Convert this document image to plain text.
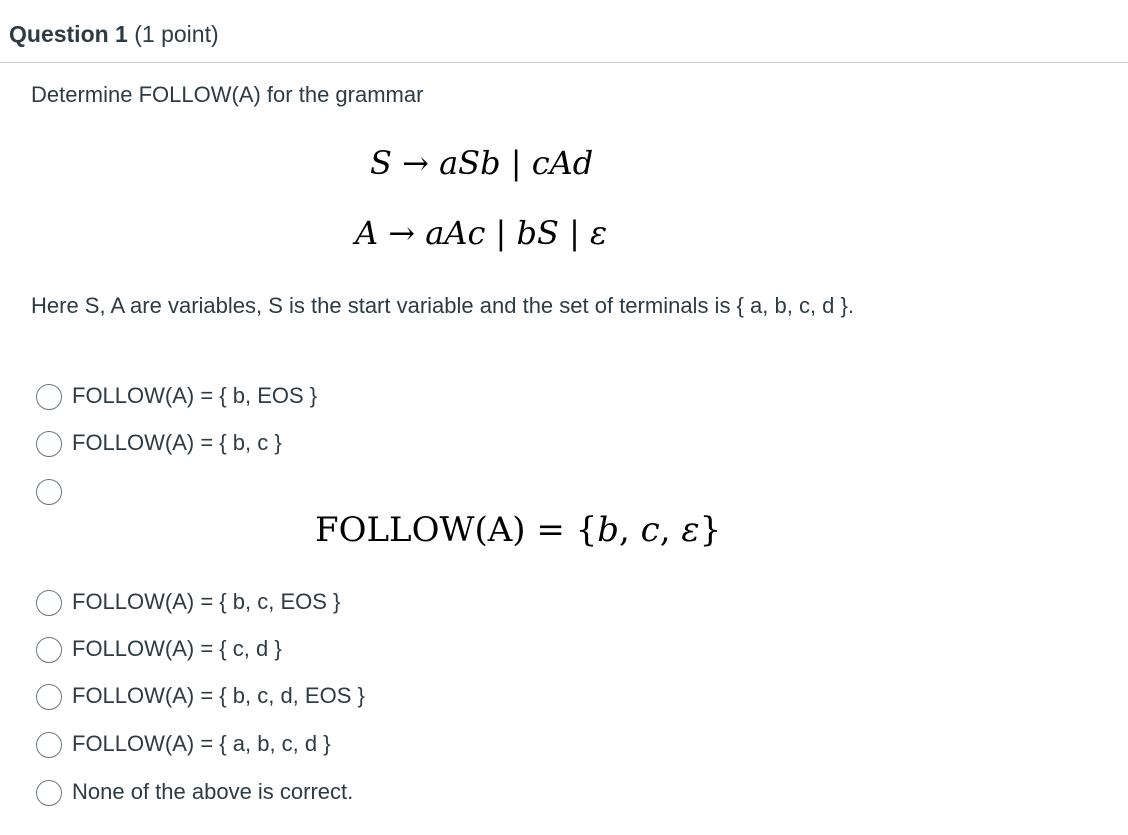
Question 1 (1 point)
Determine FOLLOW(A) for the grammar
S → aSb | cAd
A → aAc | bS | ε
Here S, A are variables, S is the start variable and the set of terminals is { a, b, c, d }.
FOLLOW(A) = { b, EOS }
FOLLOW(A) = { b, c }
FOLLOW(A) = {b, c, ε}
FOLLOW(A) = { b, c, EOS }
FOLLOW(A) = { c, d }
FOLLOW(A) = { b, c, d, EOS }
FOLLOW(A) = { a, b, c, d }
None of the above is correct.
